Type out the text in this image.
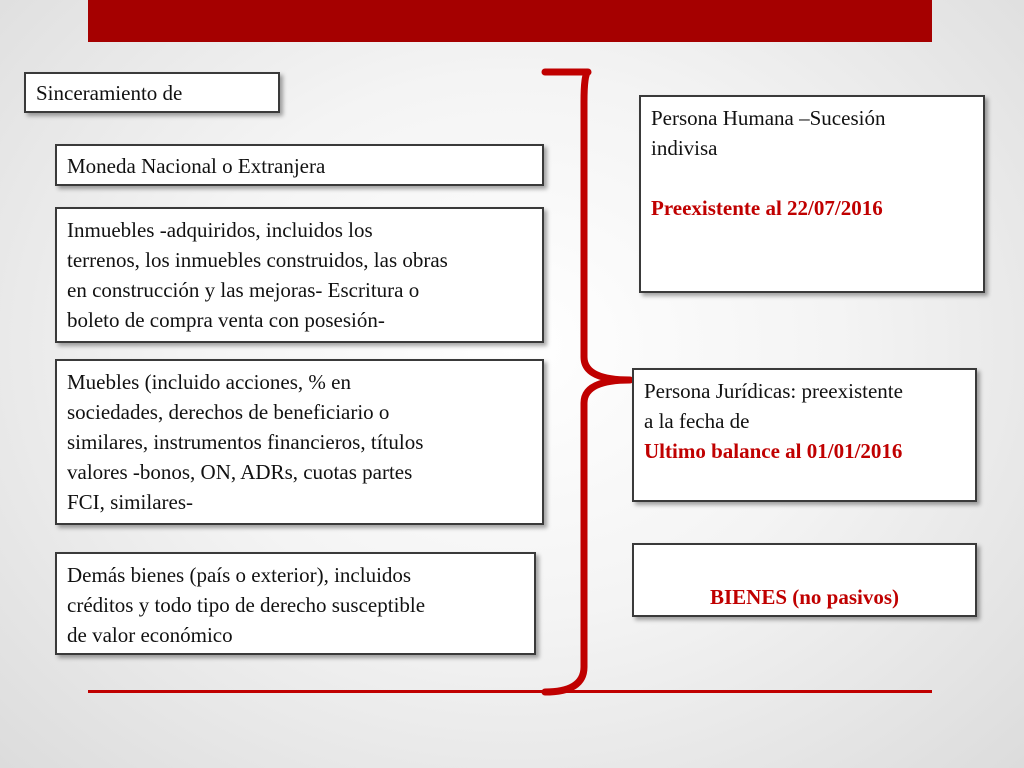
Sinceramiento de

Moneda Nacional o Extranjera

Inmuebles -adquiridos, incluidos los

terrenos, los inmuebles construidos, las obras

en construcción y las mejoras- Escritura o

boleto de compra venta con posesión-

Muebles (incluido acciones, % en

sociedades, derechos de beneficiario o

similares, instrumentos financieros, títulos

valores -bonos, ON, ADRs, cuotas partes

FCI, similares-

Demás bienes (país o exterior), incluidos

créditos y todo tipo de derecho susceptible

de valor económico

Persona Humana –Sucesión

indivisa

Preexistente al 22/07/2016

Persona Jurídicas: preexistente

a la fecha de

Ultimo balance al 01/01/2016

BIENES (no pasivos)
